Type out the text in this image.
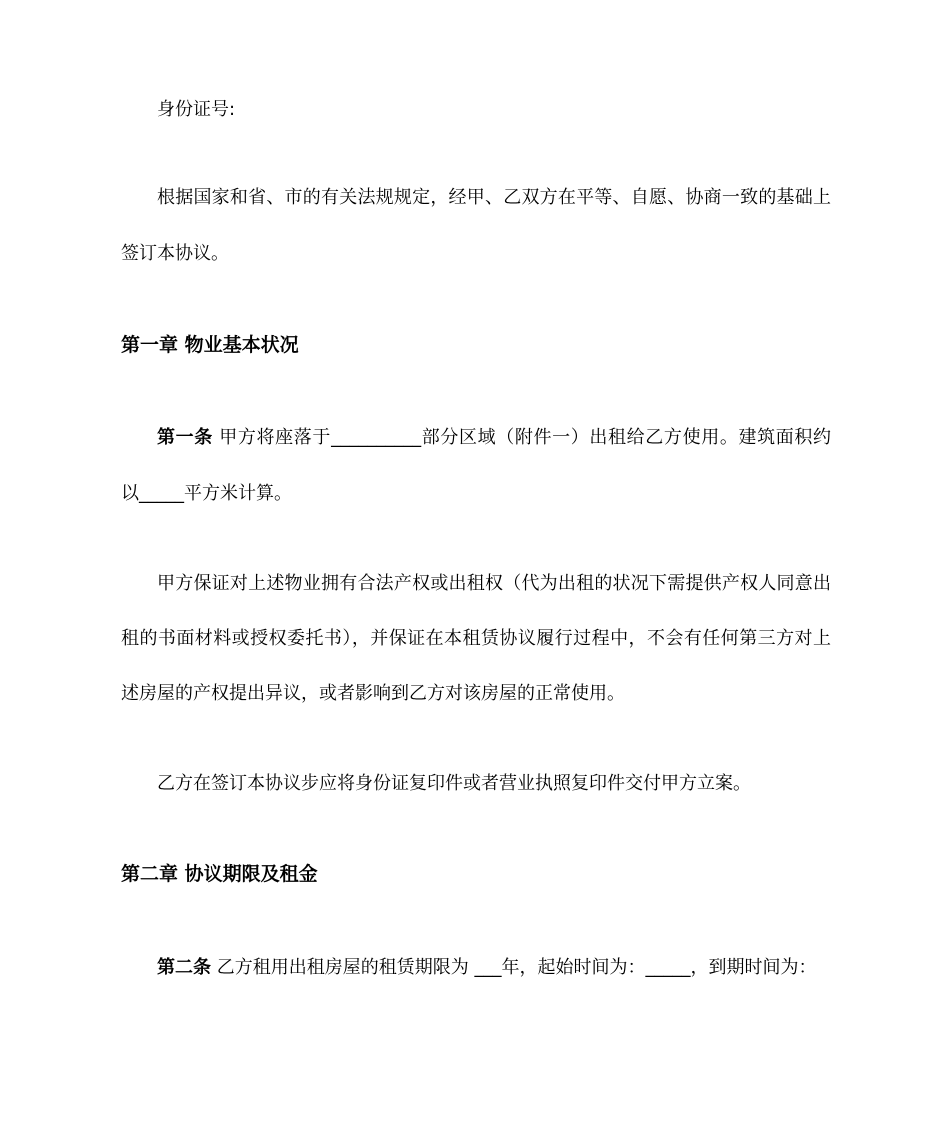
身份证号:
根据国家和省、市的有关法规规定，经甲、乙双方在平等、自愿、协商一致的基础上
签订本协议。
第一章 物业基本状况
第一条 甲方将座落于__________部分区域（附件一）出租给乙方使用。建筑面积约
以_____平方米计算。
甲方保证对上述物业拥有合法产权或出租权（代为出租的状况下需提供产权人同意出
租的书面材料或授权委托书），并保证在本租赁协议履行过程中，不会有任何第三方对上
述房屋的产权提出异议，或者影响到乙方对该房屋的正常使用。
乙方在签订本协议步应将身份证复印件或者营业执照复印件交付甲方立案。
第二章 协议期限及租金
第二条 乙方租用出租房屋的租赁期限为 ___年，起始时间为：_____，到期时间为：
